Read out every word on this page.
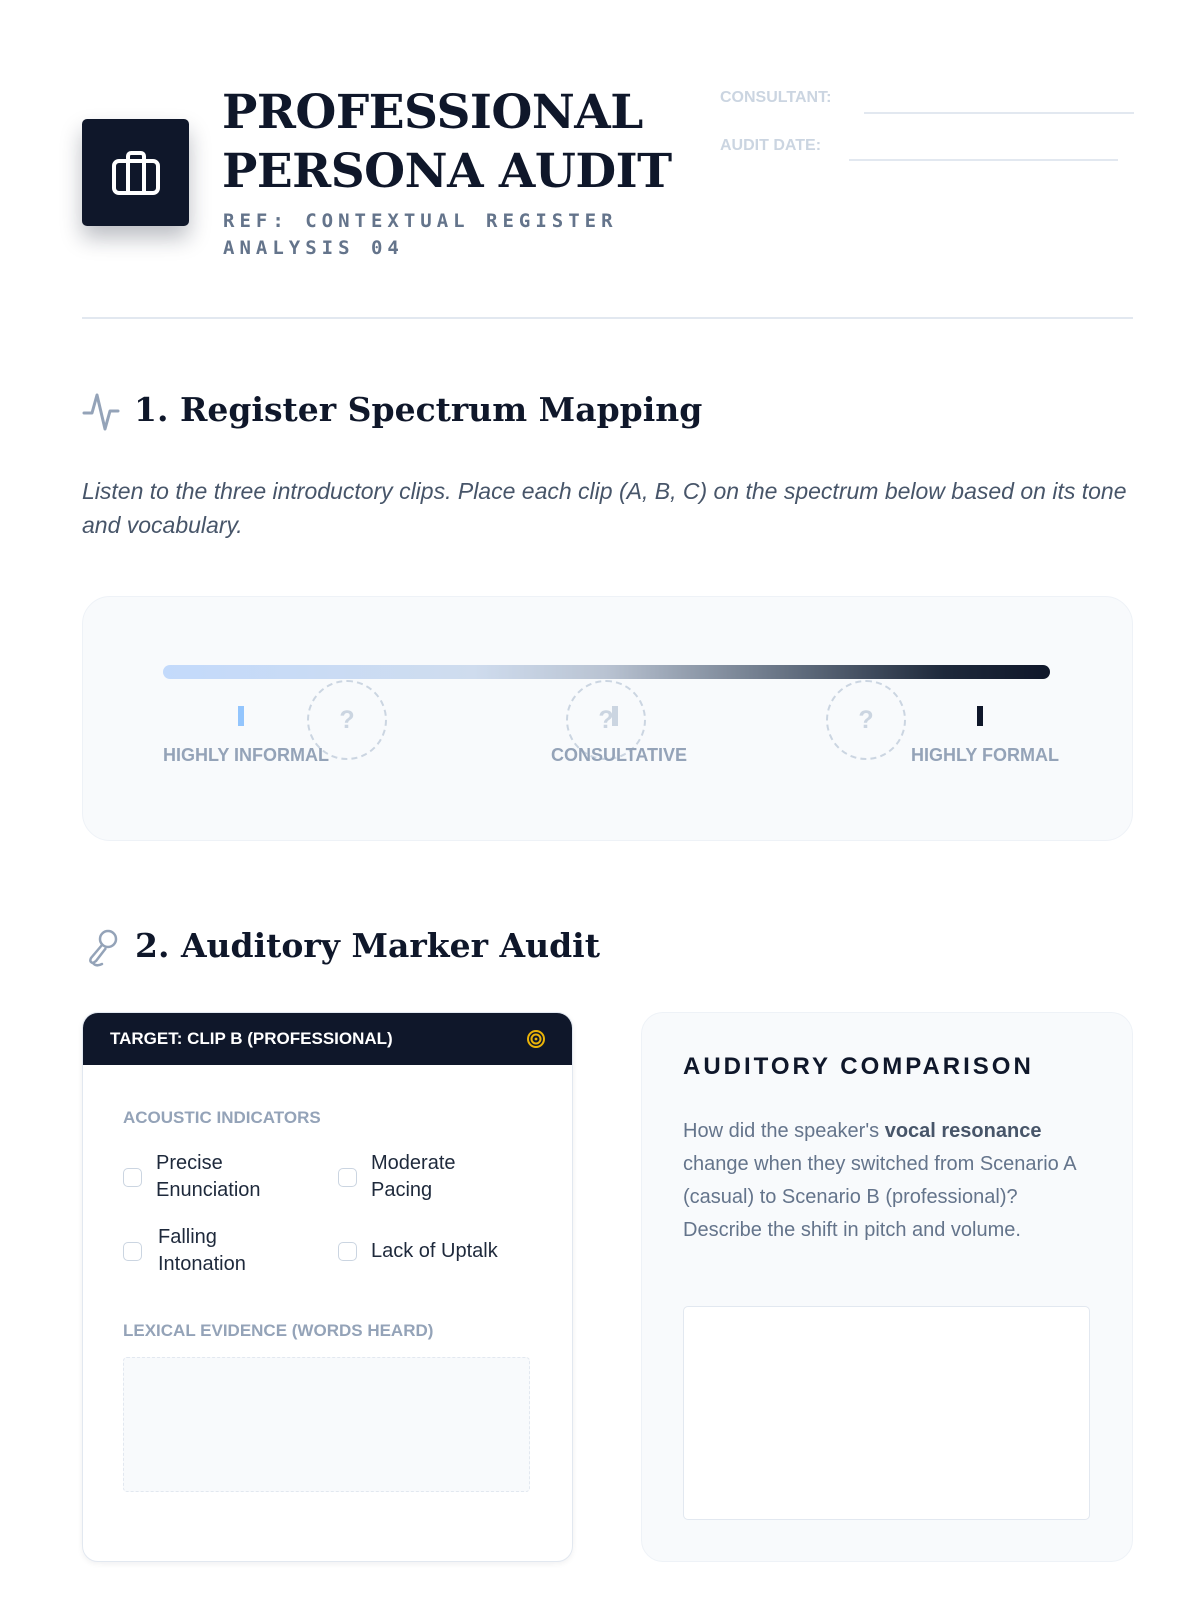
PROFESSIONAL
PERSONA AUDIT
REF: CONTEXTUAL REGISTER
ANALYSIS 04
CONSULTANT:
AUDIT DATE:
1. Register Spectrum Mapping
Listen to the three introductory clips. Place each clip (A, B, C) on the spectrum below based on its tone and vocabulary.
?	?	?
HIGHLY INFORMAL	CONSULTATIVE	HIGHLY FORMAL
2. Auditory Marker Audit
TARGET: CLIP B (PROFESSIONAL)
ACOUSTIC INDICATORS
Precise
Enunciation
Moderate
Pacing
Falling
Intonation
Lack of Uptalk
LEXICAL EVIDENCE (WORDS HEARD)
AUDITORY COMPARISON
How did the speaker's vocal resonance change when they switched from Scenario A (casual) to Scenario B (professional)? Describe the shift in pitch and volume.
